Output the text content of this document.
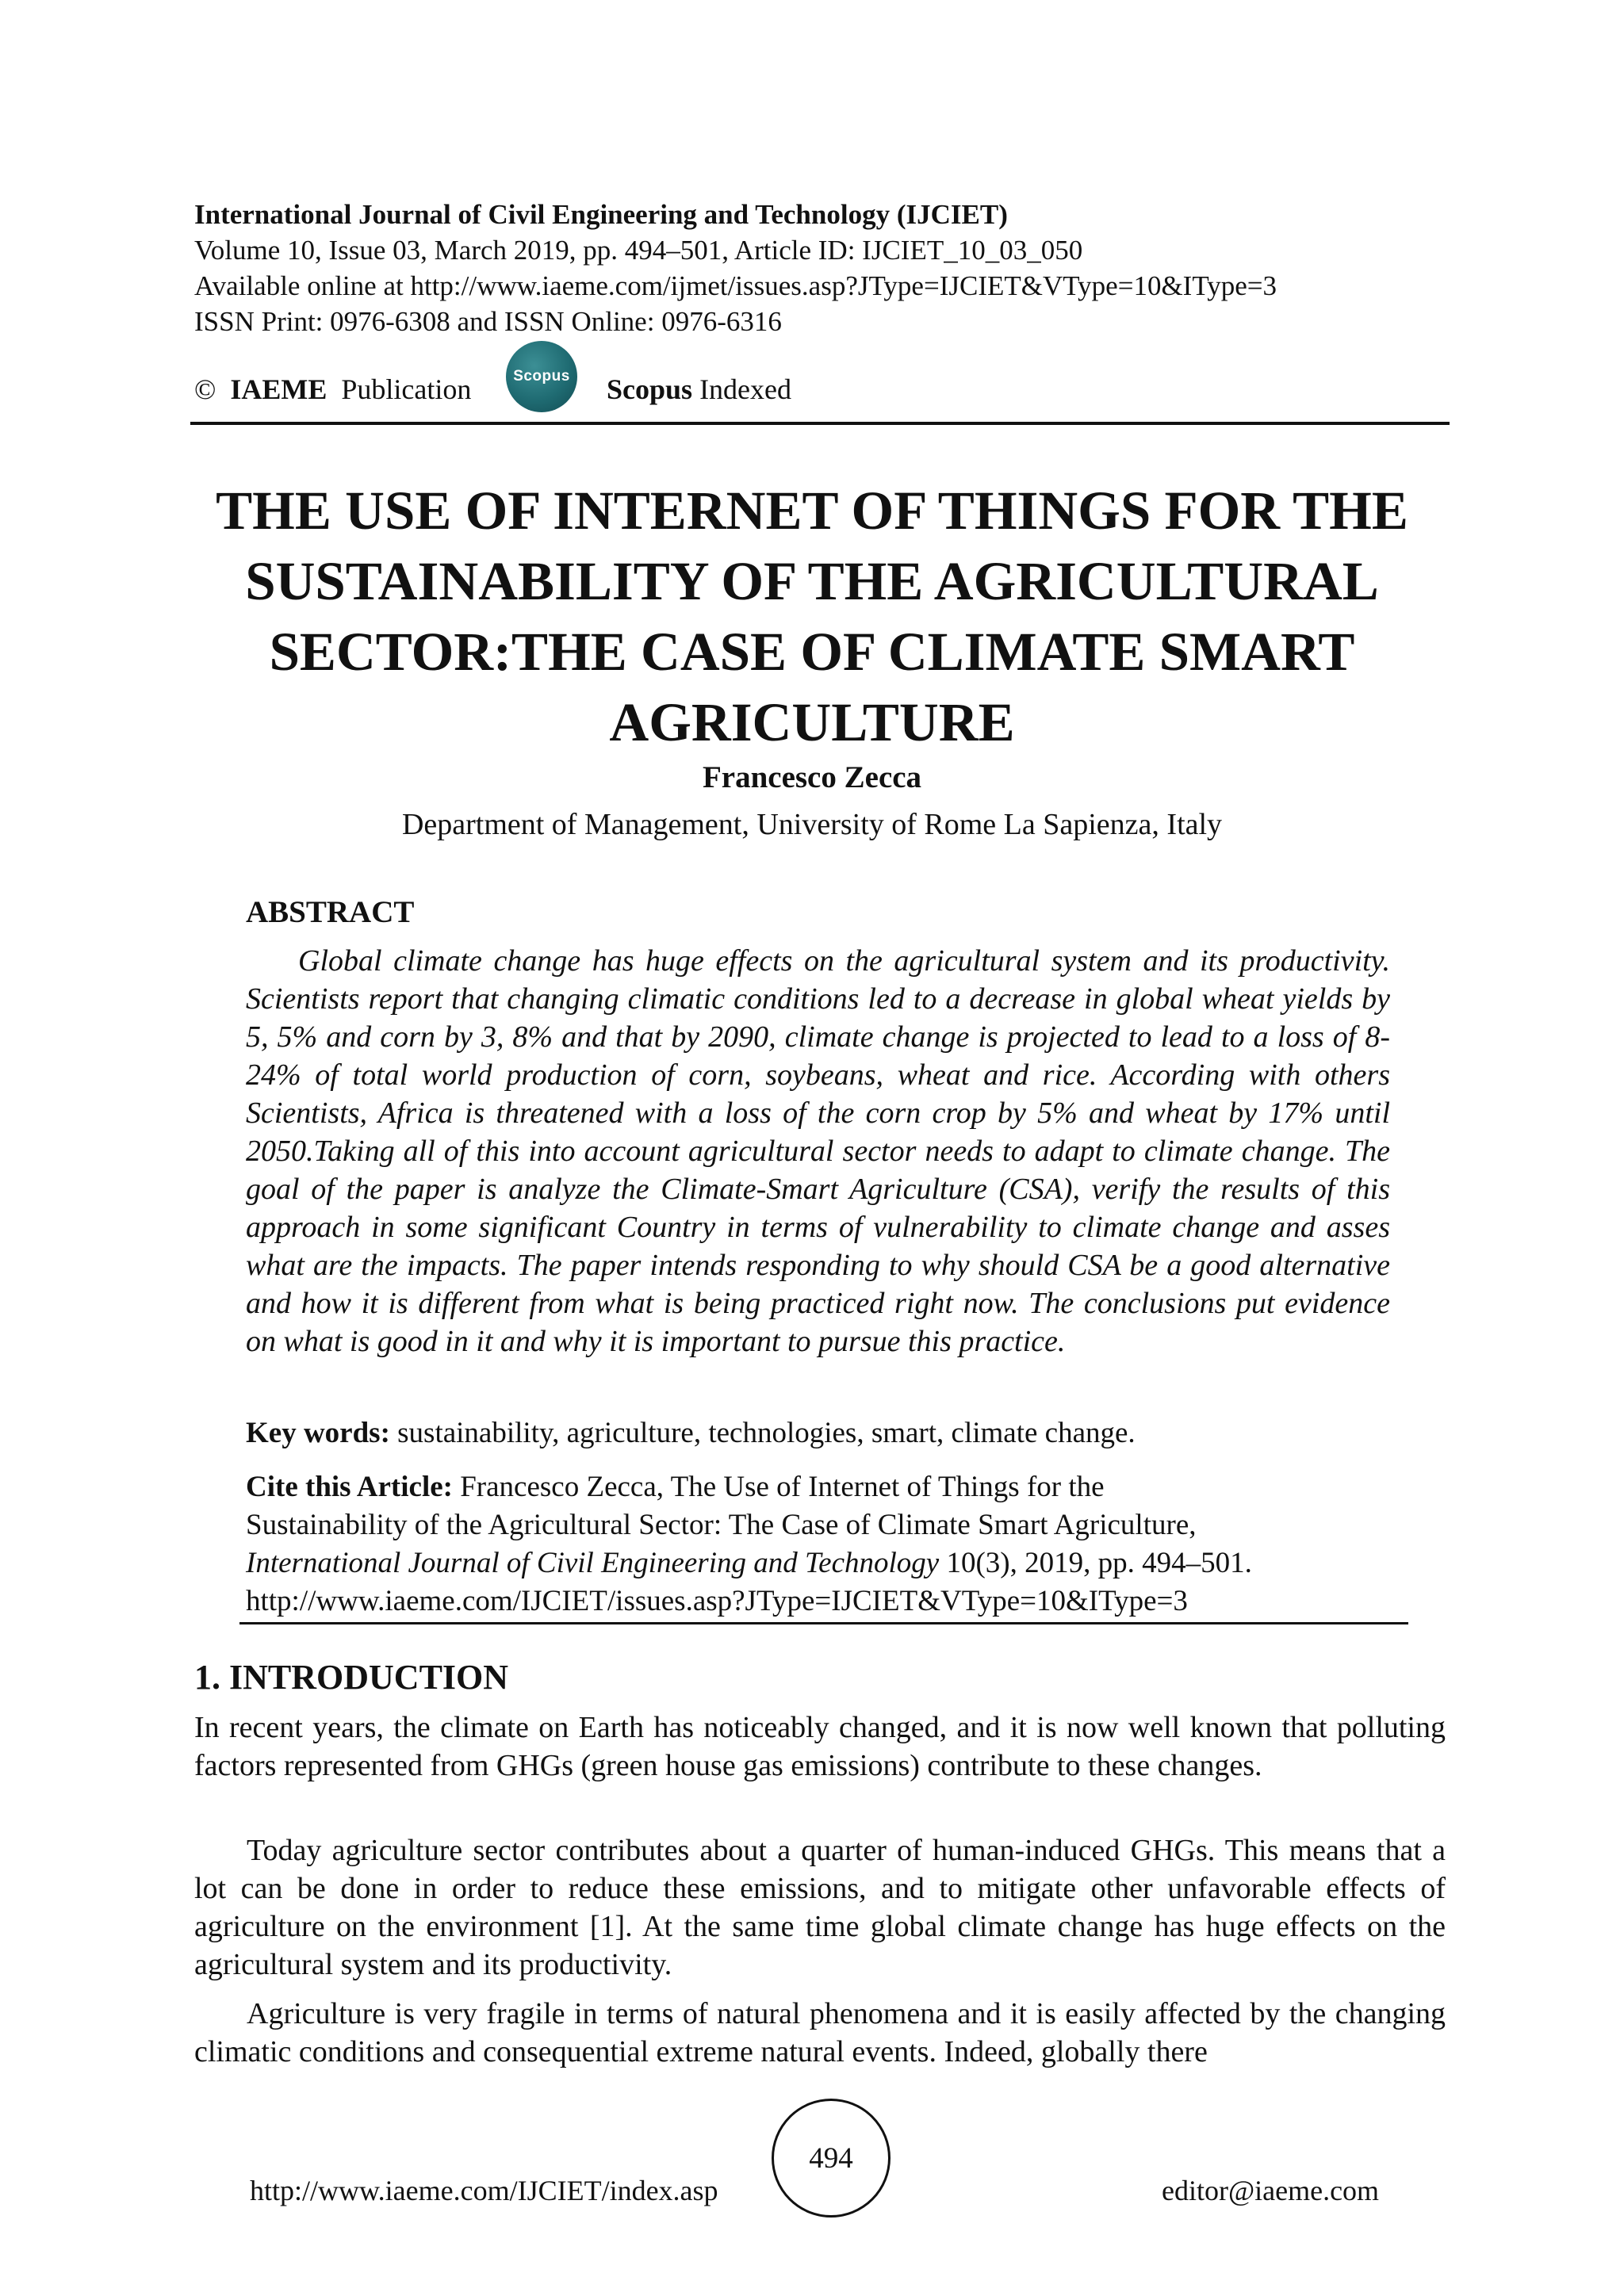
International Journal of Civil Engineering and Technology (IJCIET)
Volume 10, Issue 03, March 2019, pp. 494–501, Article ID: IJCIET_10_03_050
Available online at http://www.iaeme.com/ijmet/issues.asp?JType=IJCIET&VType=10&IType=3
ISSN Print: 0976-6308 and ISSN Online: 0976-6316
© IAEME Publication	Scopus Scopus Indexed
THE USE OF INTERNET OF THINGS FOR THE
SUSTAINABILITY OF THE AGRICULTURAL
SECTOR:THE CASE OF CLIMATE SMART
AGRICULTURE
Francesco Zecca
Department of Management, University of Rome La Sapienza, Italy
ABSTRACT

Global climate change has huge effects on the agricultural system and its productivity. Scientists report that changing climatic conditions led to a decrease in global wheat yields by 5, 5% and corn by 3, 8% and that by 2090, climate change is projected to lead to a loss of 8-24% of total world production of corn, soybeans, wheat and rice. According with others Scientists, Africa is threatened with a loss of the corn crop by 5% and wheat by 17% until 2050.Taking all of this into account agricultural sector needs to adapt to climate change. The goal of the paper is analyze the Climate-Smart Agriculture (CSA), verify the results of this approach in some significant Country in terms of vulnerability to climate change and asses what are the impacts. The paper intends responding to why should CSA be a good alternative and how it is different from what is being practiced right now. The conclusions put evidence on what is good in it and why it is important to pursue this practice.

Key words: sustainability, agriculture, technologies, smart, climate change.
Cite this Article: Francesco Zecca, The Use of Internet of Things for the
Sustainability of the Agricultural Sector: The Case of Climate Smart Agriculture,
International Journal of Civil Engineering and Technology 10(3), 2019, pp. 494–501.
http://www.iaeme.com/IJCIET/issues.asp?JType=IJCIET&VType=10&IType=3
1. INTRODUCTION

In recent years, the climate on Earth has noticeably changed, and it is now well known that polluting factors represented from GHGs (green house gas emissions) contribute to these changes.

Today agriculture sector contributes about a quarter of human-induced GHGs. This means that a lot can be done in order to reduce these emissions, and to mitigate other unfavorable effects of agriculture on the environment [1]. At the same time global climate change has huge effects on the agricultural system and its productivity.

Agriculture is very fragile in terms of natural phenomena and it is easily affected by the changing climatic conditions and consequential extreme natural events. Indeed, globally there

http://www.iaeme.com/IJCIET/index.asp
494
editor@iaeme.com
